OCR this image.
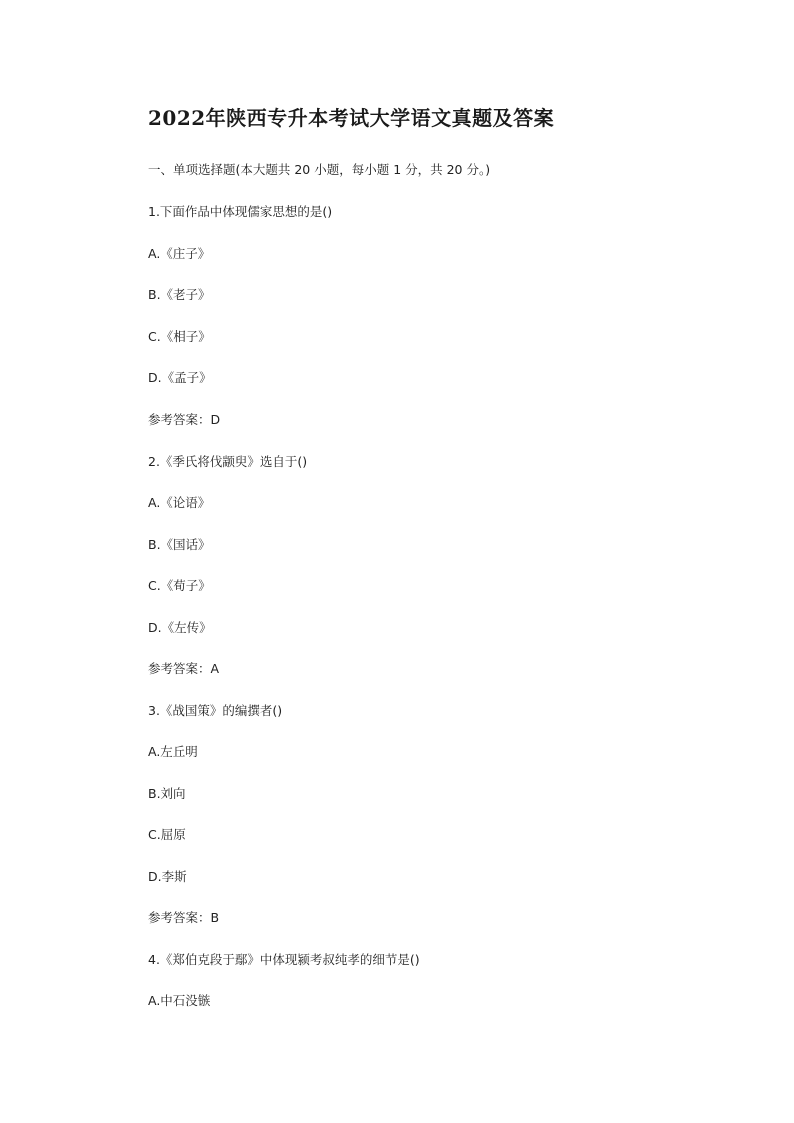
2022年陕西专升本考试大学语文真题及答案
一、单项选择题(本大题共 20 小题，每小题 1 分，共 20 分。)
1.下面作品中体现儒家思想的是()
A.《庄子》
B.《老子》
C.《相子》
D.《孟子》
参考答案：D
2.《季氏将伐颛臾》选自于()
A.《论语》
B.《国话》
C.《荀子》
D.《左传》
参考答案：A
3.《战国策》的编撰者()
A.左丘明
B.刘向
C.屈原
D.李斯
参考答案：B
4.《郑伯克段于鄢》中体现颍考叔纯孝的细节是()
A.中石没镞
